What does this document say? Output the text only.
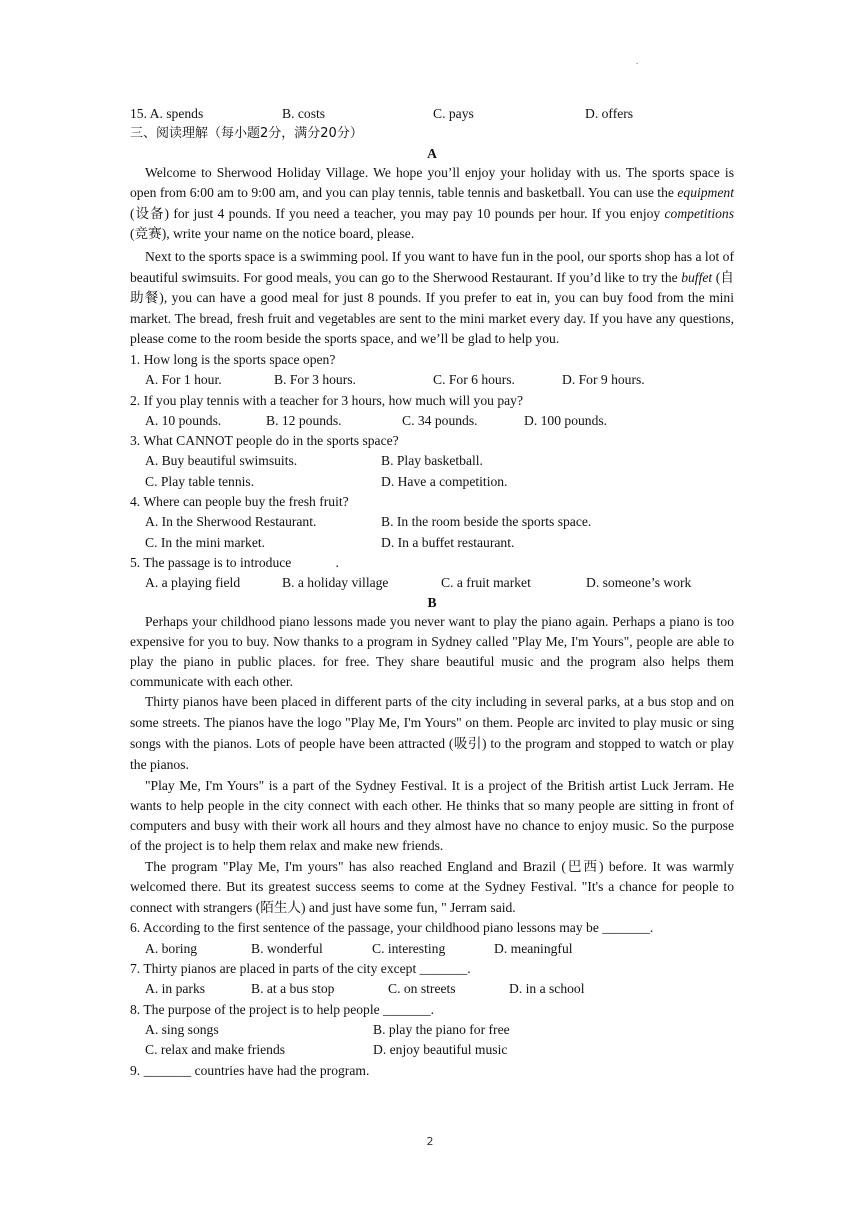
.
15. A. spends	B. costs	C. pays	D. offers
三、阅读理解（每小题2分，满分20分）
A
Welcome to Sherwood Holiday Village. We hope you’ll enjoy your holiday with us. The sports space is open from 6:00 am to 9:00 am, and you can play tennis, table tennis and basketball. You can use the equipment (设备) for just 4 pounds. If you need a teacher, you may pay 10 pounds per hour. If you enjoy competitions (竞赛), write your name on the notice board, please.
Next to the sports space is a swimming pool. If you want to have fun in the pool, our sports shop has a lot of beautiful swimsuits. For good meals, you can go to the Sherwood Restaurant. If you’d like to try the buffet (自助餐), you can have a good meal for just 8 pounds. If you prefer to eat in, you can buy food from the mini market. The bread, fresh fruit and vegetables are sent to the mini market every day. If you have any questions, please come to the room beside the sports space, and we’ll be glad to help you.
1. How long is the sports space open?
A. For 1 hour.	B. For 3 hours.	C. For 6 hours.	D. For 9 hours.
2. If you play tennis with a teacher for 3 hours, how much will you pay?
A. 10 pounds.	B. 12 pounds.	C. 34 pounds.	D. 100 pounds.
3. What CANNOT people do in the sports space?
A. Buy beautiful swimsuits.	B. Play basketball.
C. Play table tennis.	D. Have a competition.
4. Where can people buy the fresh fruit?
A. In the Sherwood Restaurant.	B. In the room beside the sports space.
C. In the mini market.	D. In a buffet restaurant.
5. The passage is to introduce             .
A. a playing field	B. a holiday village	C. a fruit market	D. someone’s work
B
Perhaps your childhood piano lessons made you never want to play the piano again. Perhaps a piano is too expensive for you to buy. Now thanks to a program in Sydney called "Play Me, I'm Yours", people are able to play the piano in public places. for free. They share beautiful music and the program also helps them communicate with each other.
Thirty pianos have been placed in different parts of the city including in several parks, at a bus stop and on some streets. The pianos have the logo "Play Me, I'm Yours" on them. People arc invited to play music or sing songs with the pianos. Lots of people have been attracted (吸引) to the program and stopped to watch or play the pianos.
"Play Me, I'm Yours" is a part of the Sydney Festival. It is a project of the British artist Luck Jerram. He wants to help people in the city connect with each other. He thinks that so many people are sitting in front of computers and busy with their work all hours and they almost have no chance to enjoy music. So the purpose of the project is to help them relax and make new friends.
The program "Play Me, I'm yours" has also reached England and Brazil (巴西) before. It was warmly welcomed there. But its greatest success seems to come at the Sydney Festival. "It's a chance for people to connect with strangers (陌生人) and just have some fun, " Jerram said.
6. According to the first sentence of the passage, your childhood piano lessons may be _______.
A. boring	B. wonderful	C. interesting	D. meaningful
7. Thirty pianos are placed in parts of the city except _______.
A. in parks	B. at a bus stop	C. on streets	D. in a school
8. The purpose of the project is to help people _______.
A. sing songs	B. play the piano for free
C. relax and make friends	D. enjoy beautiful music
9. _______ countries have had the program.
2
